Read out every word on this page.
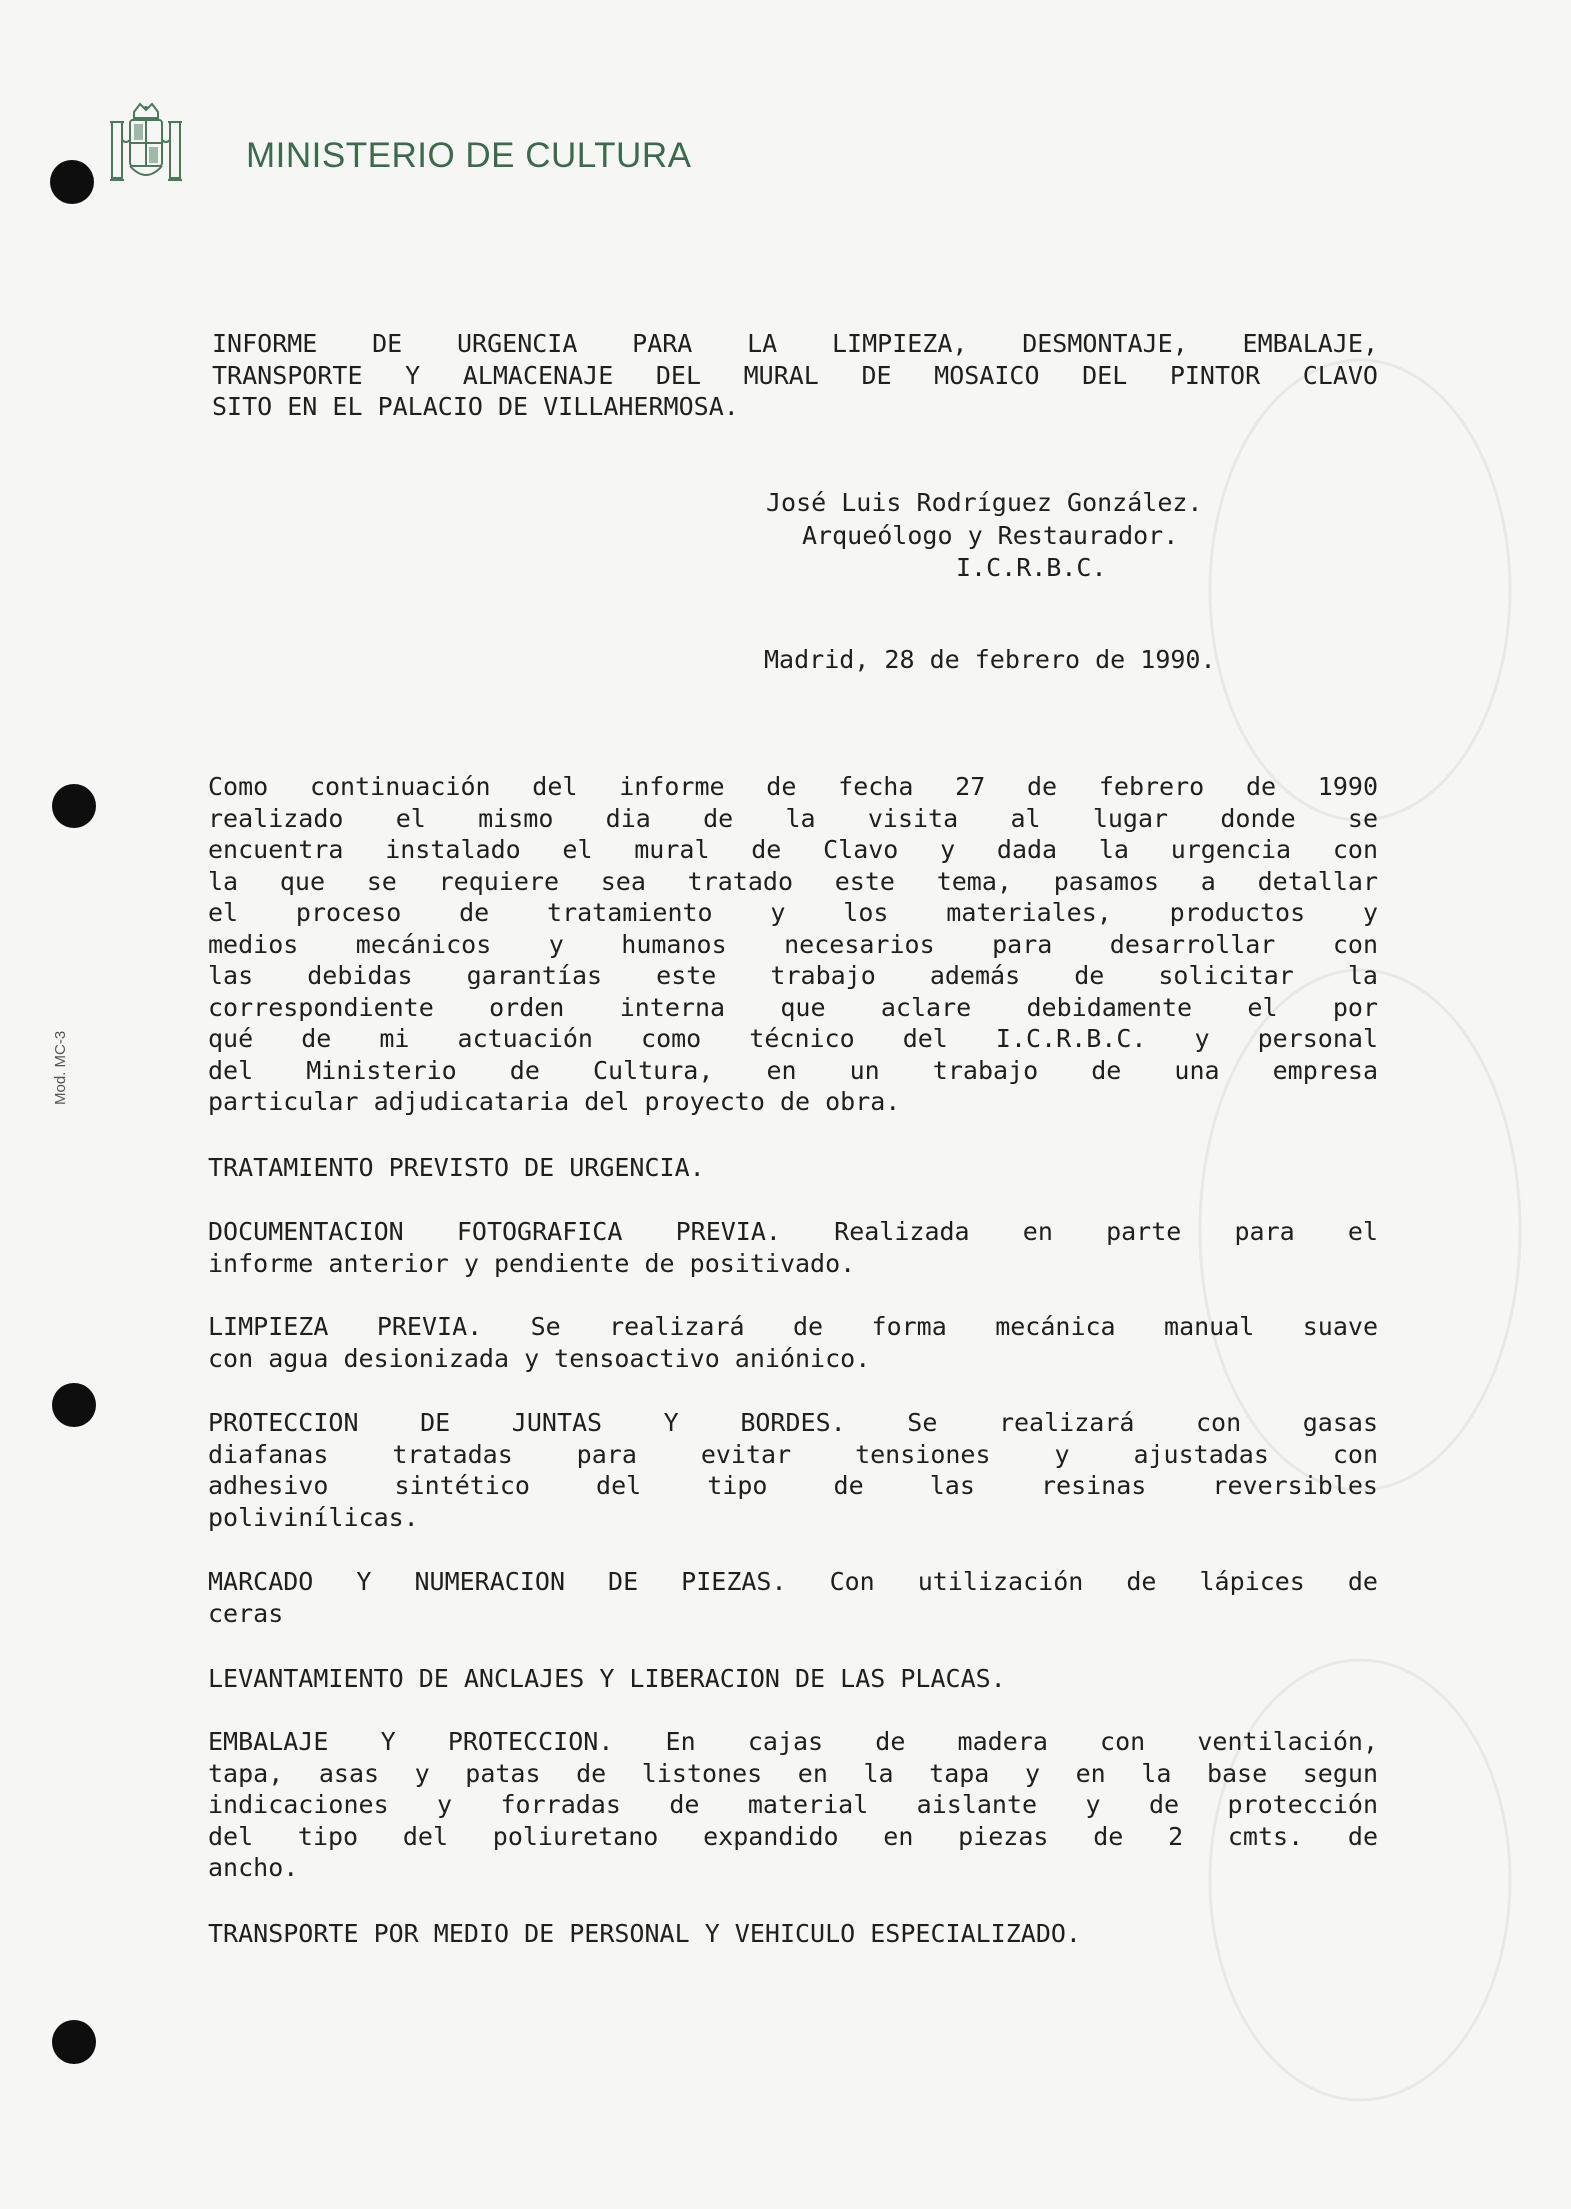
MINISTERIO DE CULTURA
Mod. MC-3
INFORME DE URGENCIA PARA LA LIMPIEZA, DESMONTAJE, EMBALAJE,
TRANSPORTE Y ALMACENAJE DEL MURAL DE MOSAICO DEL PINTOR CLAVO
SITO EN EL PALACIO DE VILLAHERMOSA.
José Luis Rodríguez González.
Arqueólogo y Restaurador.
I.C.R.B.C.
Madrid, 28 de febrero de 1990.
Como continuación del informe de fecha 27 de febrero de 1990
realizado el mismo dia de la visita al lugar donde se
encuentra instalado el mural de Clavo y dada la urgencia con
la que se requiere sea tratado este tema, pasamos a detallar
el proceso de tratamiento y los materiales, productos y
medios mecánicos y humanos necesarios para desarrollar con
las debidas garantías este trabajo además de solicitar la
correspondiente orden interna que aclare debidamente el por
qué de mi actuación como técnico del I.C.R.B.C. y personal
del Ministerio de Cultura, en un trabajo de una empresa
particular adjudicataria del proyecto de obra.
TRATAMIENTO PREVISTO DE URGENCIA.
DOCUMENTACION FOTOGRAFICA PREVIA. Realizada en parte para el
informe anterior y pendiente de positivado.
LIMPIEZA PREVIA. Se realizará de forma mecánica manual suave
con agua desionizada y tensoactivo aniónico.
PROTECCION DE JUNTAS Y BORDES. Se realizará con gasas
diafanas tratadas para evitar tensiones y ajustadas con
adhesivo sintético del tipo de las resinas reversibles
polivinílicas.
MARCADO Y NUMERACION DE PIEZAS. Con utilización de lápices de
ceras
LEVANTAMIENTO DE ANCLAJES Y LIBERACION DE LAS PLACAS.
EMBALAJE Y PROTECCION. En cajas de madera con ventilación,
tapa, asas y patas de listones en la tapa y en la base segun
indicaciones y forradas de material aislante y de protección
del tipo del poliuretano expandido en piezas de 2 cmts. de
ancho.
TRANSPORTE POR MEDIO DE PERSONAL Y VEHICULO ESPECIALIZADO.
